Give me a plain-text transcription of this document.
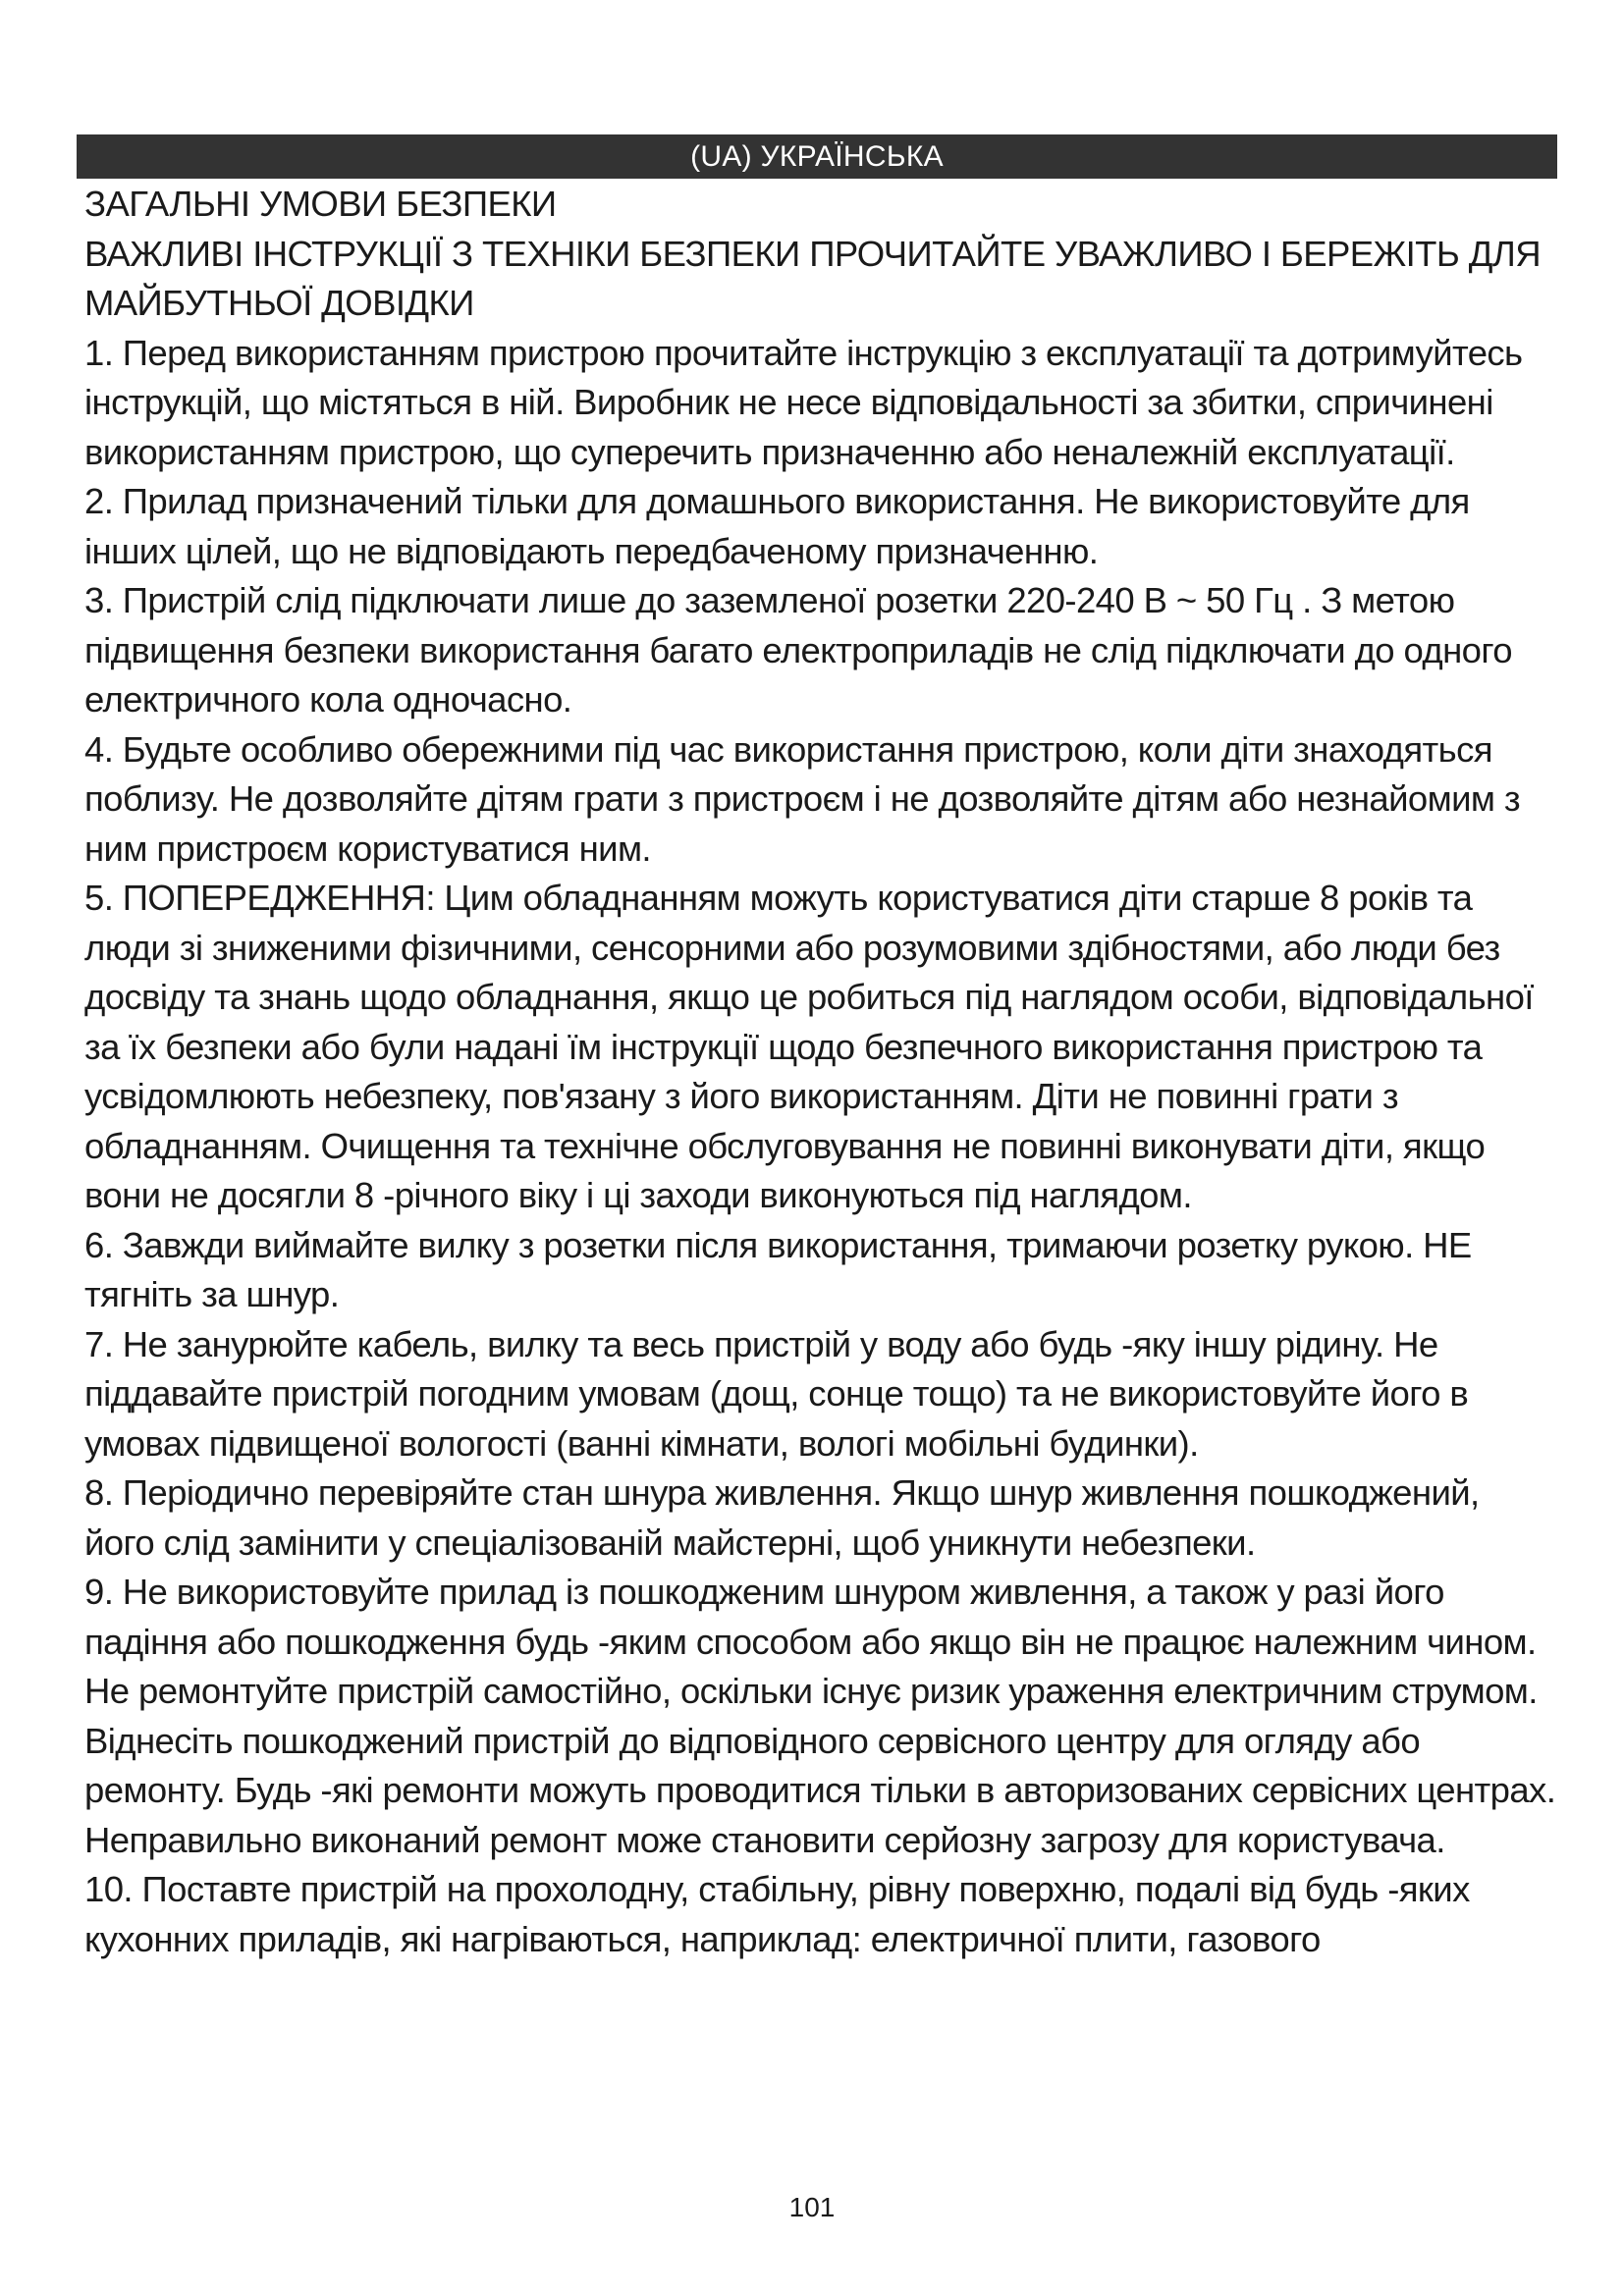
(UA) УКРАЇНСЬКА

ЗАГАЛЬНІ УМОВИ БЕЗПЕКИ

ВАЖЛИВІ ІНСТРУКЦІЇ З ТЕХНІКИ БЕЗПЕКИ ПРОЧИТАЙТЕ УВАЖЛИВО І БЕРЕЖІТЬ ДЛЯ МАЙБУТНЬОЇ ДОВІДКИ

1. Перед використанням пристрою прочитайте інструкцію з експлуатації та дотримуйтесь інструкцій, що містяться в ній. Виробник не несе відповідальності за збитки, спричинені використанням пристрою, що суперечить призначенню або неналежній експлуатації.

2. Прилад призначений тільки для домашнього використання. Не використовуйте для інших цілей, що не відповідають передбаченому призначенню.

3. Пристрій слід підключати лише до заземленої розетки 220-240 В ~ 50 Гц . З метою підвищення безпеки використання багато електроприладів не слід підключати до одного електричного кола одночасно.

4. Будьте особливо обережними під час використання пристрою, коли діти знаходяться поблизу. Не дозволяйте дітям грати з пристроєм і не дозволяйте дітям або незнайомим з ним пристроєм користуватися ним.

5. ПОПЕРЕДЖЕННЯ: Цим обладнанням можуть користуватися діти старше 8 років та люди зі зниженими фізичними, сенсорними або розумовими здібностями, або люди без досвіду та знань щодо обладнання, якщо це робиться під наглядом особи, відповідальної за їх безпеки або були надані їм інструкції щодо безпечного використання пристрою та усвідомлюють небезпеку, пов'язану з його використанням. Діти не повинні грати з обладнанням. Очищення та технічне обслуговування не повинні виконувати діти, якщо вони не досягли 8 -річного віку і ці заходи виконуються під наглядом.

6. Завжди виймайте вилку з розетки після використання, тримаючи розетку рукою. НЕ тягніть за шнур.

7. Не занурюйте кабель, вилку та весь пристрій у воду або будь -яку іншу рідину. Не піддавайте пристрій погодним умовам (дощ, сонце тощо) та не використовуйте його в умовах підвищеної вологості (ванні кімнати, вологі мобільні будинки).

8. Періодично перевіряйте стан шнура живлення. Якщо шнур живлення пошкоджений, його слід замінити у спеціалізованій майстерні, щоб уникнути небезпеки.

9. Не використовуйте прилад із пошкодженим шнуром живлення, а також у разі його падіння або пошкодження будь -яким способом або якщо він не працює належним чином. Не ремонтуйте пристрій самостійно, оскільки існує ризик ураження електричним струмом. Віднесіть пошкоджений пристрій до відповідного сервісного центру для огляду або ремонту. Будь -які ремонти можуть проводитися тільки в авторизованих сервісних центрах. Неправильно виконаний ремонт може становити серйозну загрозу для користувача.

10. Поставте пристрій на прохолодну, стабільну, рівну поверхню, подалі від будь -яких кухонних приладів, які нагріваються, наприклад: електричної плити, газового

101
